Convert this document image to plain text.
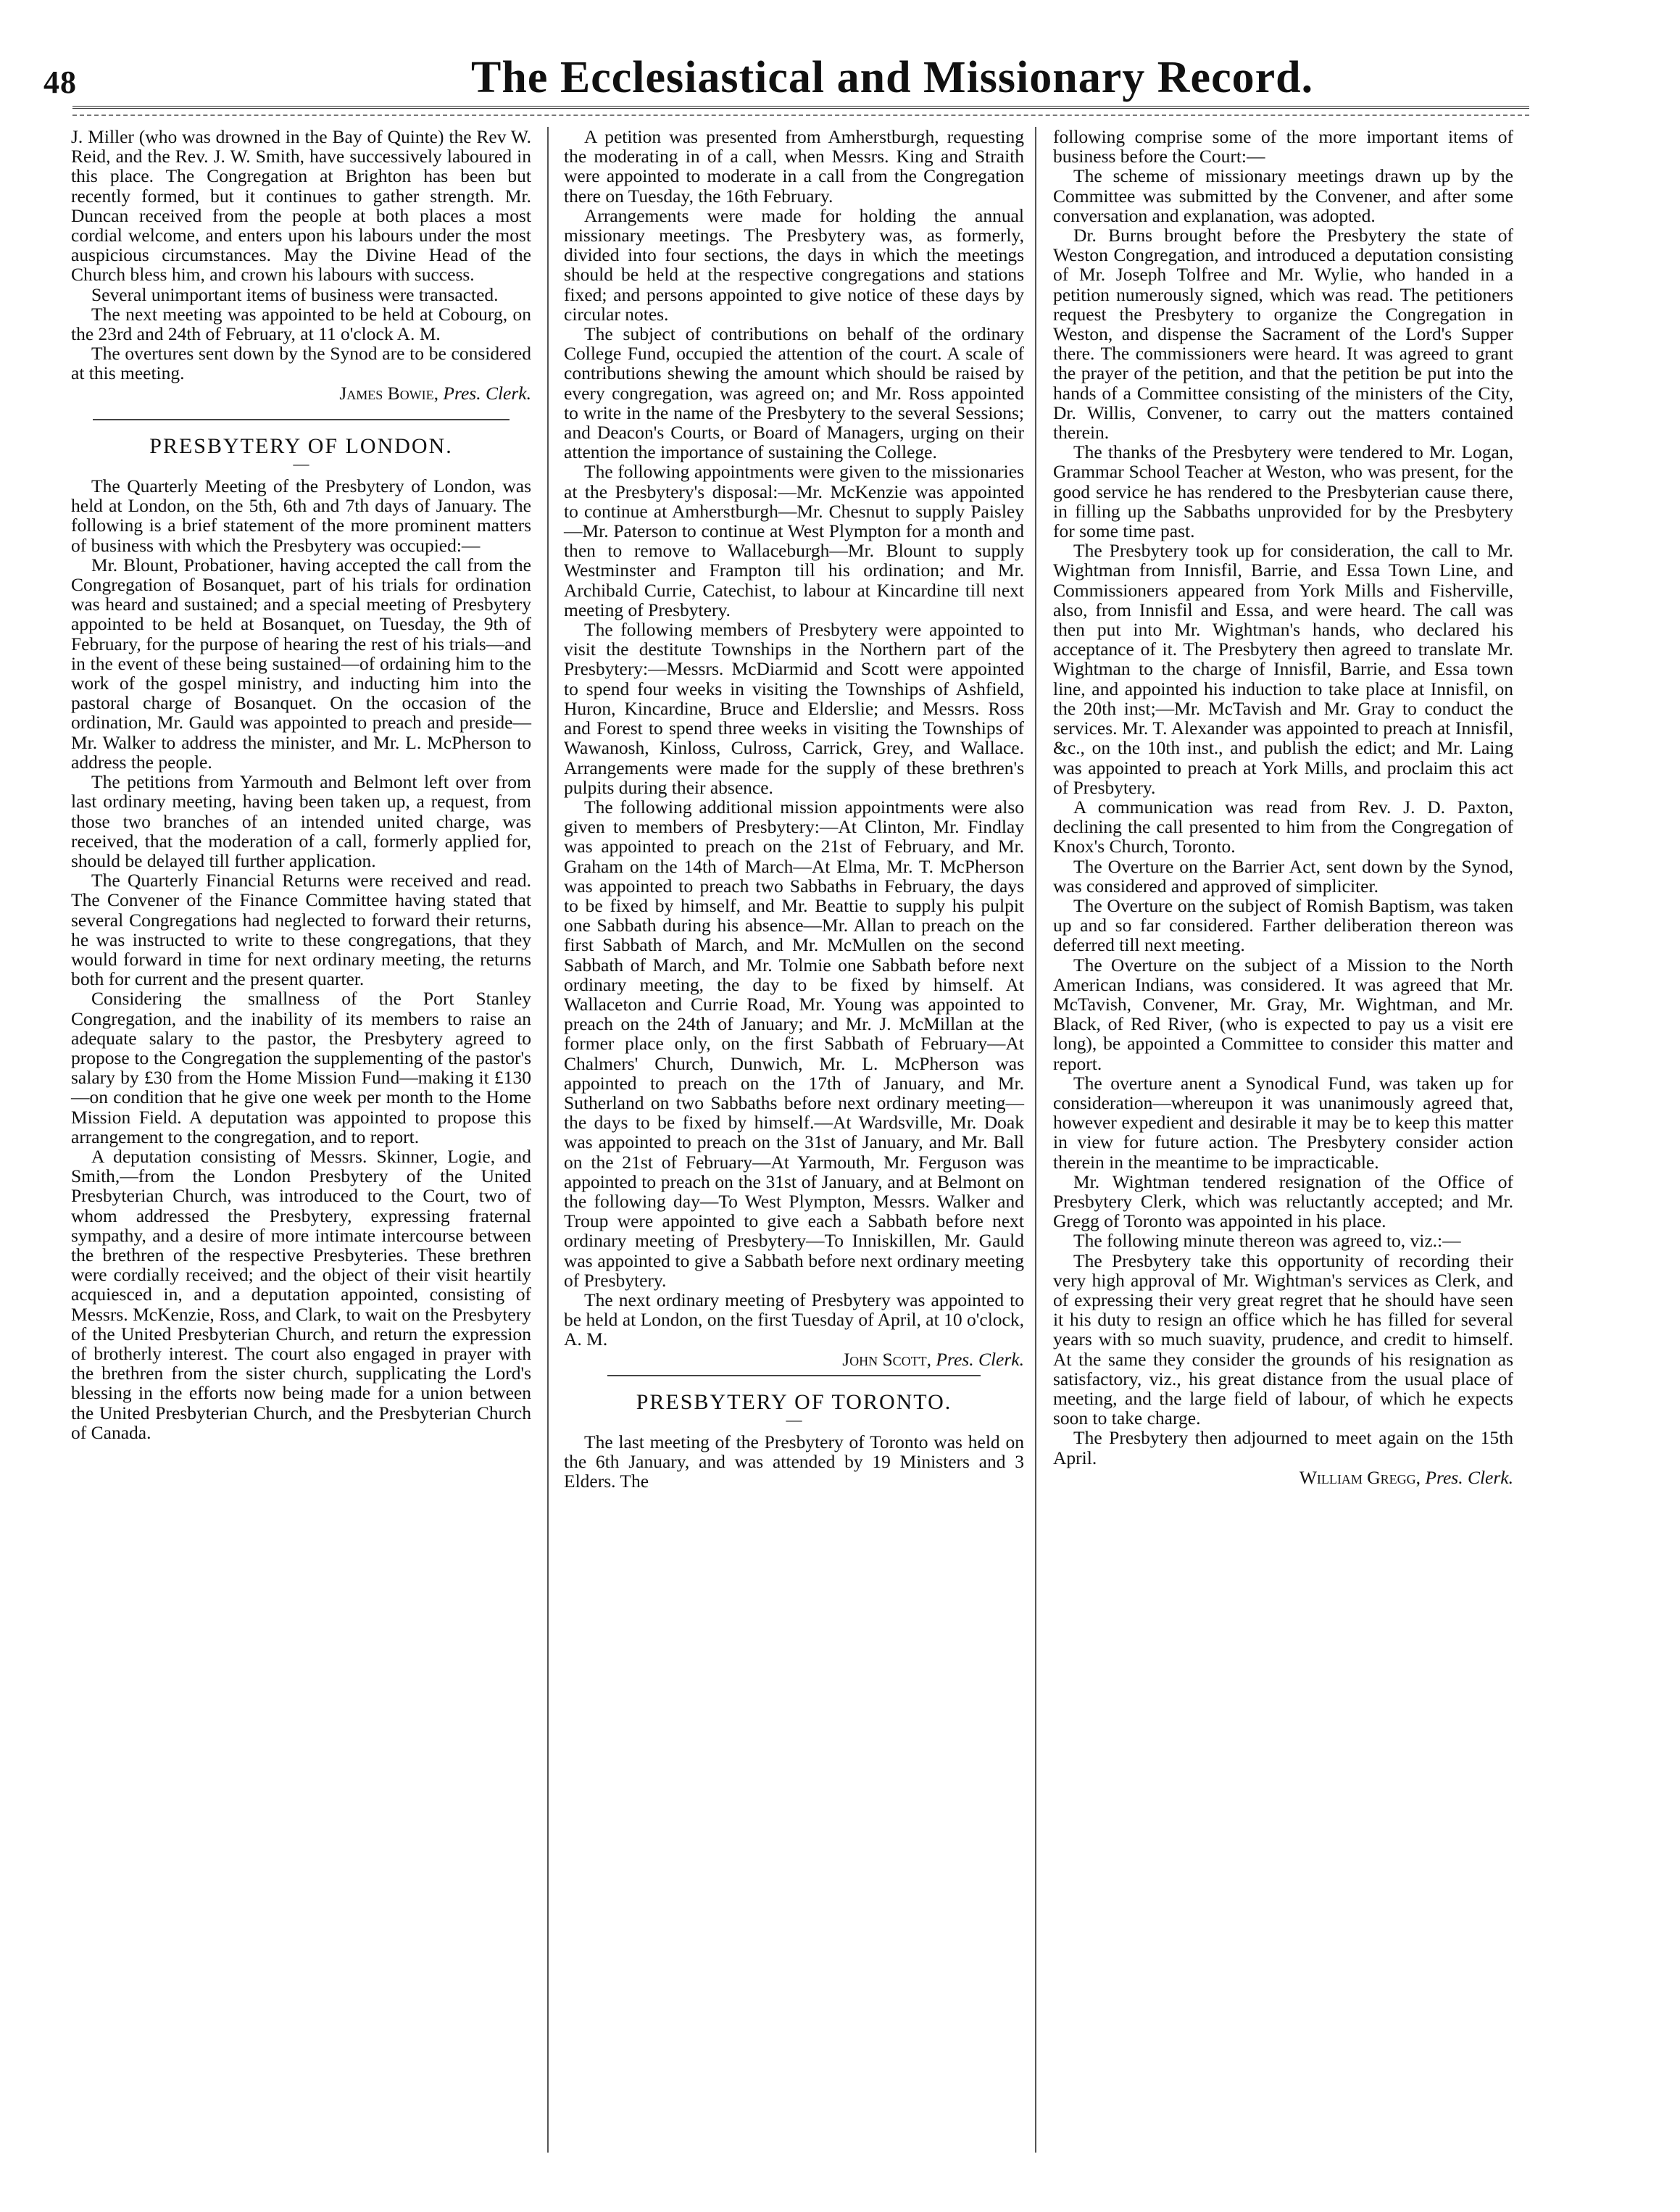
48	The Ecclesiastical and Missionary Record.

J. Miller (who was drowned in the Bay of Quinte) the Rev W. Reid, and the Rev. J. W. Smith, have successively laboured in this place. The Congregation at Brighton has been but recently formed, but it continues to gather strength. Mr. Duncan received from the people at both places a most cordial welcome, and enters upon his labours under the most auspicious circumstances. May the Divine Head of the Church bless him, and crown his labours with success.

Several unimportant items of business were transacted.

The next meeting was appointed to be held at Cobourg, on the 23rd and 24th of February, at 11 o'clock A. M.

The overtures sent down by the Synod are to be considered at this meeting.

James Bowie, Pres. Clerk.

PRESBYTERY OF LONDON.
—

The Quarterly Meeting of the Presbytery of London, was held at London, on the 5th, 6th and 7th days of January. The following is a brief statement of the more prominent matters of business with which the Presbytery was occupied:—

Mr. Blount, Probationer, having accepted the call from the Congregation of Bosanquet, part of his trials for ordination was heard and sustained; and a special meeting of Presbytery appointed to be held at Bosanquet, on Tuesday, the 9th of February, for the purpose of hearing the rest of his trials—and in the event of these being sustained—of ordaining him to the work of the gospel ministry, and inducting him into the pastoral charge of Bosanquet. On the occasion of the ordination, Mr. Gauld was appointed to preach and preside—Mr. Walker to address the minister, and Mr. L. McPherson to address the people.

The petitions from Yarmouth and Belmont left over from last ordinary meeting, having been taken up, a request, from those two branches of an intended united charge, was received, that the moderation of a call, formerly applied for, should be delayed till further application.

The Quarterly Financial Returns were received and read. The Convener of the Finance Committee having stated that several Congregations had neglected to forward their returns, he was instructed to write to these congregations, that they would forward in time for next ordinary meeting, the returns both for current and the present quarter.

Considering the smallness of the Port Stanley Congregation, and the inability of its members to raise an adequate salary to the pastor, the Presbytery agreed to propose to the Congregation the supplementing of the pastor's salary by £30 from the Home Mission Fund—making it £130—on condition that he give one week per month to the Home Mission Field. A deputation was appointed to propose this arrangement to the congregation, and to report.

A deputation consisting of Messrs. Skinner, Logie, and Smith,—from the London Presbytery of the United Presbyterian Church, was introduced to the Court, two of whom addressed the Presbytery, expressing fraternal sympathy, and a desire of more intimate intercourse between the brethren of the respective Presbyteries. These brethren were cordially received; and the object of their visit heartily acquiesced in, and a deputation appointed, consisting of Messrs. McKenzie, Ross, and Clark, to wait on the Presbytery of the United Presbyterian Church, and return the expression of brotherly interest. The court also engaged in prayer with the brethren from the sister church, supplicating the Lord's blessing in the efforts now being made for a union between the United Presbyterian Church, and the Presbyterian Church of Canada.

A petition was presented from Amherstburgh, requesting the moderating in of a call, when Messrs. King and Straith were appointed to moderate in a call from the Congregation there on Tuesday, the 16th February.

Arrangements were made for holding the annual missionary meetings. The Presbytery was, as formerly, divided into four sections, the days in which the meetings should be held at the respective congregations and stations fixed; and persons appointed to give notice of these days by circular notes.

The subject of contributions on behalf of the ordinary College Fund, occupied the attention of the court. A scale of contributions shewing the amount which should be raised by every congregation, was agreed on; and Mr. Ross appointed to write in the name of the Presbytery to the several Sessions; and Deacon's Courts, or Board of Managers, urging on their attention the importance of sustaining the College.

The following appointments were given to the missionaries at the Presbytery's disposal:—Mr. McKenzie was appointed to continue at Amherstburgh—Mr. Chesnut to supply Paisley—Mr. Paterson to continue at West Plympton for a month and then to remove to Wallaceburgh—Mr. Blount to supply Westminster and Frampton till his ordination; and Mr. Archibald Currie, Catechist, to labour at Kincardine till next meeting of Presbytery.

The following members of Presbytery were appointed to visit the destitute Townships in the Northern part of the Presbytery:—Messrs. McDiarmid and Scott were appointed to spend four weeks in visiting the Townships of Ashfield, Huron, Kincardine, Bruce and Elderslie; and Messrs. Ross and Forest to spend three weeks in visiting the Townships of Wawanosh, Kinloss, Culross, Carrick, Grey, and Wallace. Arrangements were made for the supply of these brethren's pulpits during their absence.

The following additional mission appointments were also given to members of Presbytery:—At Clinton, Mr. Findlay was appointed to preach on the 21st of February, and Mr. Graham on the 14th of March—At Elma, Mr. T. McPherson was appointed to preach two Sabbaths in February, the days to be fixed by himself, and Mr. Beattie to supply his pulpit one Sabbath during his absence—Mr. Allan to preach on the first Sabbath of March, and Mr. McMullen on the second Sabbath of March, and Mr. Tolmie one Sabbath before next ordinary meeting, the day to be fixed by himself. At Wallaceton and Currie Road, Mr. Young was appointed to preach on the 24th of January; and Mr. J. McMillan at the former place only, on the first Sabbath of February—At Chalmers' Church, Dunwich, Mr. L. McPherson was appointed to preach on the 17th of January, and Mr. Sutherland on two Sabbaths before next ordinary meeting—the days to be fixed by himself.—At Wardsville, Mr. Doak was appointed to preach on the 31st of January, and Mr. Ball on the 21st of February—At Yarmouth, Mr. Ferguson was appointed to preach on the 31st of January, and at Belmont on the following day—To West Plympton, Messrs. Walker and Troup were appointed to give each a Sabbath before next ordinary meeting of Presbytery—To Inniskillen, Mr. Gauld was appointed to give a Sabbath before next ordinary meeting of Presbytery.

The next ordinary meeting of Presbytery was appointed to be held at London, on the first Tuesday of April, at 10 o'clock, A. M.

John Scott, Pres. Clerk.

PRESBYTERY OF TORONTO.
—

The last meeting of the Presbytery of Toronto was held on the 6th January, and was attended by 19 Ministers and 3 Elders. The

following comprise some of the more important items of business before the Court:—

The scheme of missionary meetings drawn up by the Committee was submitted by the Convener, and after some conversation and explanation, was adopted.

Dr. Burns brought before the Presbytery the state of Weston Congregation, and introduced a deputation consisting of Mr. Joseph Tolfree and Mr. Wylie, who handed in a petition numerously signed, which was read. The petitioners request the Presbytery to organize the Congregation in Weston, and dispense the Sacrament of the Lord's Supper there. The commissioners were heard. It was agreed to grant the prayer of the petition, and that the petition be put into the hands of a Committee consisting of the ministers of the City, Dr. Willis, Convener, to carry out the matters contained therein.

The thanks of the Presbytery were tendered to Mr. Logan, Grammar School Teacher at Weston, who was present, for the good service he has rendered to the Presbyterian cause there, in filling up the Sabbaths unprovided for by the Presbytery for some time past.

The Presbytery took up for consideration, the call to Mr. Wightman from Innisfil, Barrie, and Essa Town Line, and Commissioners appeared from York Mills and Fisherville, also, from Innisfil and Essa, and were heard. The call was then put into Mr. Wightman's hands, who declared his acceptance of it. The Presbytery then agreed to translate Mr. Wightman to the charge of Innisfil, Barrie, and Essa town line, and appointed his induction to take place at Innisfil, on the 20th inst;—Mr. McTavish and Mr. Gray to conduct the services. Mr. T. Alexander was appointed to preach at Innisfil, &c., on the 10th inst., and publish the edict; and Mr. Laing was appointed to preach at York Mills, and proclaim this act of Presbytery.

A communication was read from Rev. J. D. Paxton, declining the call presented to him from the Congregation of Knox's Church, Toronto.

The Overture on the Barrier Act, sent down by the Synod, was considered and approved of simpliciter.

The Overture on the subject of Romish Baptism, was taken up and so far considered. Farther deliberation thereon was deferred till next meeting.

The Overture on the subject of a Mission to the North American Indians, was considered. It was agreed that Mr. McTavish, Convener, Mr. Gray, Mr. Wightman, and Mr. Black, of Red River, (who is expected to pay us a visit ere long), be appointed a Committee to consider this matter and report.

The overture anent a Synodical Fund, was taken up for consideration—whereupon it was unanimously agreed that, however expedient and desirable it may be to keep this matter in view for future action. The Presbytery consider action therein in the meantime to be impracticable.

Mr. Wightman tendered resignation of the Office of Presbytery Clerk, which was reluctantly accepted; and Mr. Gregg of Toronto was appointed in his place.

The following minute thereon was agreed to, viz.:—

The Presbytery take this opportunity of recording their very high approval of Mr. Wightman's services as Clerk, and of expressing their very great regret that he should have seen it his duty to resign an office which he has filled for several years with so much suavity, prudence, and credit to himself. At the same they consider the grounds of his resignation as satisfactory, viz., his great distance from the usual place of meeting, and the large field of labour, of which he expects soon to take charge.

The Presbytery then adjourned to meet again on the 15th April.

William Gregg, Pres. Clerk.
